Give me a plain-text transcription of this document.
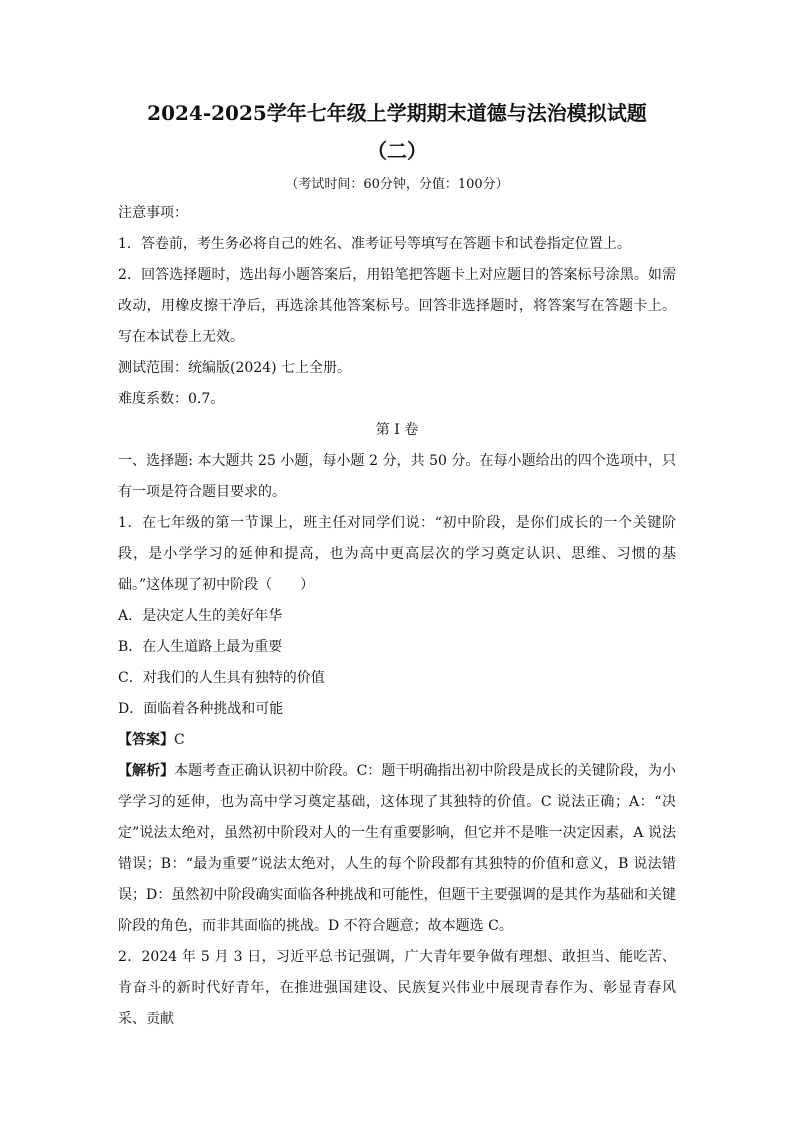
2024-2025学年七年级上学期期末道德与法治模拟试题
（二）

（考试时间：60分钟，分值：100分）

注意事项：

1．答卷前，考生务必将自己的姓名、准考证号等填写在答题卡和试卷指定位置上。

2．回答选择题时，选出每小题答案后，用铅笔把答题卡上对应题目的答案标号涂黑。如需改动，用橡皮擦干净后，再选涂其他答案标号。回答非选择题时，将答案写在答题卡上。写在本试卷上无效。

测试范围：统编版(2024) 七上全册。

难度系数：0.7。

第 I 卷

一、选择题: 本大题共 25 小题，每小题 2 分，共 50 分。在每小题给出的四个选项中，只有一项是符合题目要求的。

1．在七年级的第一节课上，班主任对同学们说：“初中阶段，是你们成长的一个关键阶段，是小学学习的延伸和提高，也为高中更高层次的学习奠定认识、思维、习惯的基础。”这体现了初中阶段（　　）

A．是决定人生的美好年华

B．在人生道路上最为重要

C．对我们的人生具有独特的价值

D．面临着各种挑战和可能

【答案】C

【解析】本题考查正确认识初中阶段。C：题干明确指出初中阶段是成长的关键阶段，为小学学习的延伸，也为高中学习奠定基础，这体现了其独特的价值。C 说法正确；A：“决定”说法太绝对，虽然初中阶段对人的一生有重要影响，但它并不是唯一决定因素，A 说法错误；B：“最为重要”说法太绝对，人生的每个阶段都有其独特的价值和意义，B 说法错误；D：虽然初中阶段确实面临各种挑战和可能性，但题干主要强调的是其作为基础和关键阶段的角色，而非其面临的挑战。D 不符合题意；故本题选 C。

2．2024 年 5 月 3 日，习近平总书记强调，广大青年要争做有理想、敢担当、能吃苦、肯奋斗的新时代好青年，在推进强国建设、民族复兴伟业中展现青春作为、彰显青春风采、贡献
